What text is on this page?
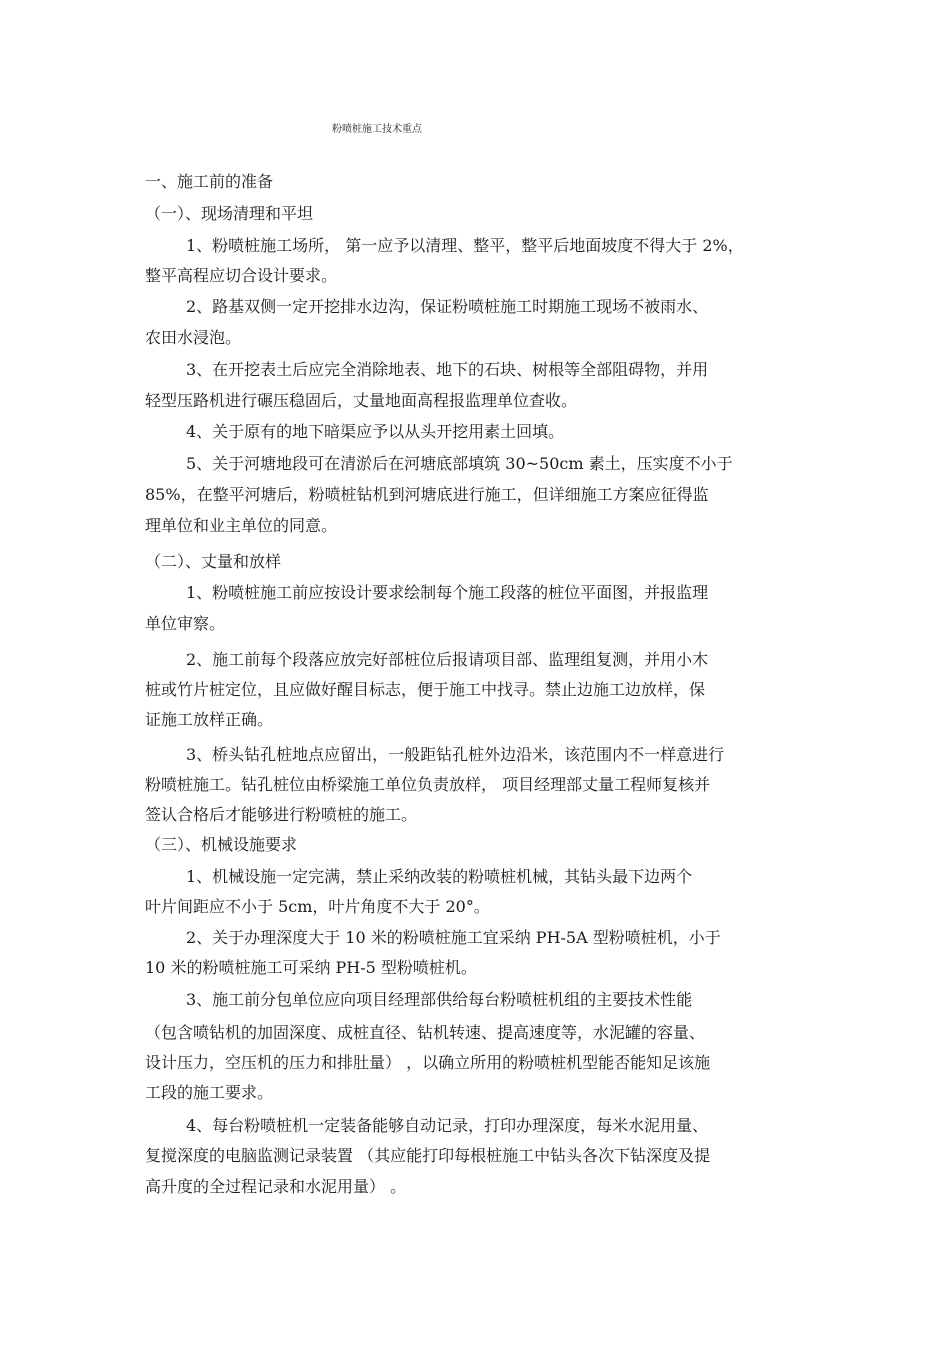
粉喷桩施工技术重点
一、施工前的准备
（一）、现场清理和平坦
1、粉喷桩施工场所， 第一应予以清理、整平，整平后地面坡度不得大于 2%，
整平高程应切合设计要求。
2、路基双侧一定开挖排水边沟，保证粉喷桩施工时期施工现场不被雨水、
农田水浸泡。
3、在开挖表土后应完全消除地表、地下的石块、树根等全部阻碍物，并用
轻型压路机进行碾压稳固后，丈量地面高程报监理单位查收。
4、关于原有的地下暗渠应予以从头开挖用素土回填。
5、关于河塘地段可在清淤后在河塘底部填筑 30~50cm 素土，压实度不小于
85%，在整平河塘后，粉喷桩钻机到河塘底进行施工，但详细施工方案应征得监
理单位和业主单位的同意。
（二）、丈量和放样
1、粉喷桩施工前应按设计要求绘制每个施工段落的桩位平面图，并报监理
单位审察。
2、施工前每个段落应放完好部桩位后报请项目部、监理组复测，并用小木
桩或竹片桩定位，且应做好醒目标志，便于施工中找寻。禁止边施工边放样，保
证施工放样正确。
3、桥头钻孔桩地点应留出，一般距钻孔桩外边沿米，该范围内不一样意进行
粉喷桩施工。钻孔桩位由桥梁施工单位负责放样， 项目经理部丈量工程师复核并
签认合格后才能够进行粉喷桩的施工。
（三）、机械设施要求
1、机械设施一定完满，禁止采纳改装的粉喷桩机械，其钻头最下边两个
叶片间距应不小于 5cm，叶片角度不大于 20°。
2、关于办理深度大于 10 米的粉喷桩施工宜采纳 PH-5A 型粉喷桩机，小于
10 米的粉喷桩施工可采纳 PH-5 型粉喷桩机。
3、施工前分包单位应向项目经理部供给每台粉喷桩机组的主要技术性能
（包含喷钻机的加固深度、成桩直径、钻机转速、提高速度等，水泥罐的容量、
设计压力，空压机的压力和排肚量） ，以确立所用的粉喷桩机型能否能知足该施
工段的施工要求。
4、每台粉喷桩机一定装备能够自动记录，打印办理深度，每米水泥用量、
复搅深度的电脑监测记录装置 （其应能打印每根桩施工中钻头各次下钻深度及提
高升度的全过程记录和水泥用量） 。
